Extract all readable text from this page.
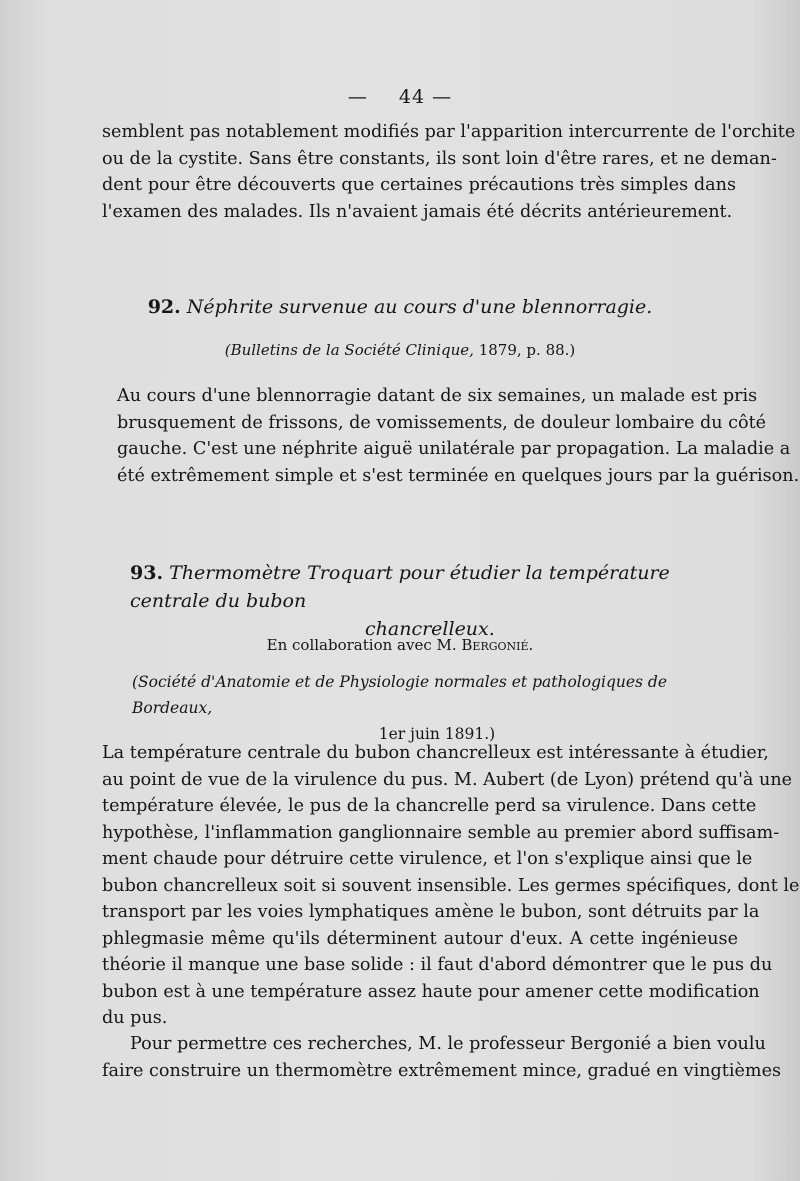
— 44 —
semblent pas notablement modifiés par l'apparition intercurrente de l'orchite
ou de la cystite. Sans être constants, ils sont loin d'être rares, et ne deman-
dent pour être découverts que certaines précautions très simples dans
l'examen des malades. Ils n'avaient jamais été décrits antérieurement.

92. Néphrite survenue au cours d'une blennorragie.

(Bulletins de la Société Clinique, 1879, p. 88.)

Au cours d'une blennorragie datant de six semaines, un malade est pris
brusquement de frissons, de vomissements, de douleur lombaire du côté
gauche. C'est une néphrite aiguë unilatérale par propagation. La maladie a
été extrêmement simple et s'est terminée en quelques jours par la guérison.

93. Thermomètre Troquart pour étudier la température centrale du bubon
chancrelleux.

En collaboration avec M. Bergonié.

(Société d'Anatomie et de Physiologie normales et pathologiques de Bordeaux,
1er juin 1891.)

La température centrale du bubon chancrelleux est intéressante à étudier,
au point de vue de la virulence du pus. M. Aubert (de Lyon) prétend qu'à une
température élevée, le pus de la chancrelle perd sa virulence. Dans cette
hypothèse, l'inflammation ganglionnaire semble au premier abord suffisam-
ment chaude pour détruire cette virulence, et l'on s'explique ainsi que le
bubon chancrelleux soit si souvent insensible. Les germes spécifiques, dont le
transport par les voies lymphatiques amène le bubon, sont détruits par la
phlegmasie même qu'ils déterminent autour d'eux. A cette ingénieuse
théorie il manque une base solide : il faut d'abord démontrer que le pus du
bubon est à une température assez haute pour amener cette modification
du pus.
Pour permettre ces recherches, M. le professeur Bergonié a bien voulu
faire construire un thermomètre extrêmement mince, gradué en vingtièmes
